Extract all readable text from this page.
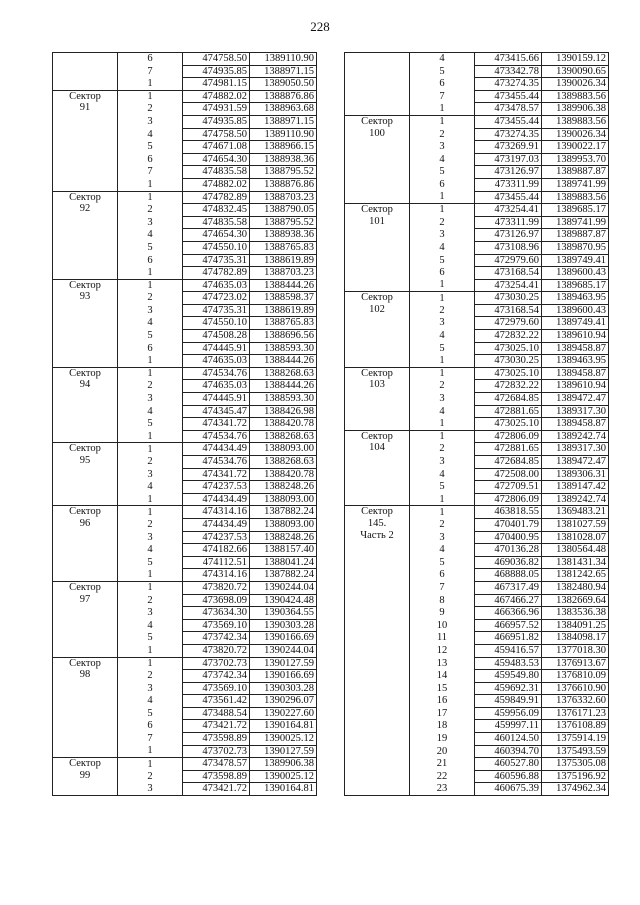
228
	6	474758.50	1389110.90
	7	474935.85	1388971.15
	1	474981.15	1389050.50

Сектор
91	1	474882.02	1388876.86
	2	474931.59	1388963.68
	3	474935.85	1388971.15
	4	474758.50	1389110.90
	5	474671.08	1388966.15
	6	474654.30	1388938.36
	7	474835.58	1388795.52
	1	474882.02	1388876.86

Сектор
92	1	474782.89	1388703.23
	2	474832.45	1388790.05
	3	474835.58	1388795.52
	4	474654.30	1388938.36
	5	474550.10	1388765.83
	6	474735.31	1388619.89
	1	474782.89	1388703.23

Сектор
93	1	474635.03	1388444.26
	2	474723.02	1388598.37
	3	474735.31	1388619.89
	4	474550.10	1388765.83
	5	474508.28	1388696.56
	6	474445.91	1388593.30
	1	474635.03	1388444.26

Сектор
94	1	474534.76	1388268.63
	2	474635.03	1388444.26
	3	474445.91	1388593.30
	4	474345.47	1388426.98
	5	474341.72	1388420.78
	1	474534.76	1388268.63

Сектор
95	1	474434.49	1388093.00
	2	474534.76	1388268.63
	3	474341.72	1388420.78
	4	474237.53	1388248.26
	1	474434.49	1388093.00

Сектор
96	1	474314.16	1387882.24
	2	474434.49	1388093.00
	3	474237.53	1388248.26
	4	474182.66	1388157.40
	5	474112.51	1388041.24
	1	474314.16	1387882.24

Сектор
97	1	473820.72	1390244.04
	2	473698.09	1390424.48
	3	473634.30	1390364.55
	4	473569.10	1390303.28
	5	473742.34	1390166.69
	1	473820.72	1390244.04

Сектор
98	1	473702.73	1390127.59
	2	473742.34	1390166.69
	3	473569.10	1390303.28
	4	473561.42	1390296.07
	5	473488.54	1390227.60
	6	473421.72	1390164.81
	7	473598.89	1390025.12
	1	473702.73	1390127.59

Сектор
99	1	473478.57	1389906.38
	2	473598.89	1390025.12
	3	473421.72	1390164.81
	4	473415.66	1390159.12
	5	473342.78	1390090.65
	6	473274.35	1390026.34
	7	473455.44	1389883.56
	1	473478.57	1389906.38

Сектор
100	1	473455.44	1389883.56
	2	473274.35	1390026.34
	3	473269.91	1390022.17
	4	473197.03	1389953.70
	5	473126.97	1389887.87
	6	473311.99	1389741.99
	1	473455.44	1389883.56

Сектор
101	1	473254.41	1389685.17
	2	473311.99	1389741.99
	3	473126.97	1389887.87
	4	473108.96	1389870.95
	5	472979.60	1389749.41
	6	473168.54	1389600.43
	1	473254.41	1389685.17

Сектор
102	1	473030.25	1389463.95
	2	473168.54	1389600.43
	3	472979.60	1389749.41
	4	472832.22	1389610.94
	5	473025.10	1389458.87
	1	473030.25	1389463.95

Сектор
103	1	473025.10	1389458.87
	2	472832.22	1389610.94
	3	472684.85	1389472.47
	4	472881.65	1389317.30
	1	473025.10	1389458.87

Сектор
104	1	472806.09	1389242.74
	2	472881.65	1389317.30
	3	472684.85	1389472.47
	4	472508.00	1389306.31
	5	472709.51	1389147.42
	1	472806.09	1389242.74

Сектор
145.
Часть 2	1	463818.55	1369483.21
	2	470401.79	1381027.59
	3	470400.95	1381028.07
	4	470136.28	1380564.48
	5	469036.82	1381431.34
	6	468888.05	1381242.65
	7	467317.49	1382480.94
	8	467466.27	1382669.64
	9	466366.96	1383536.38
	10	466957.52	1384091.25
	11	466951.82	1384098.17
	12	459416.57	1377018.30
	13	459483.53	1376913.67
	14	459549.80	1376810.09
	15	459692.31	1376610.90
	16	459849.91	1376332.60
	17	459956.09	1376171.23
	18	459997.11	1376108.89
	19	460124.50	1375914.19
	20	460394.70	1375493.59
	21	460527.80	1375305.08
	22	460596.88	1375196.92
	23	460675.39	1374962.34
